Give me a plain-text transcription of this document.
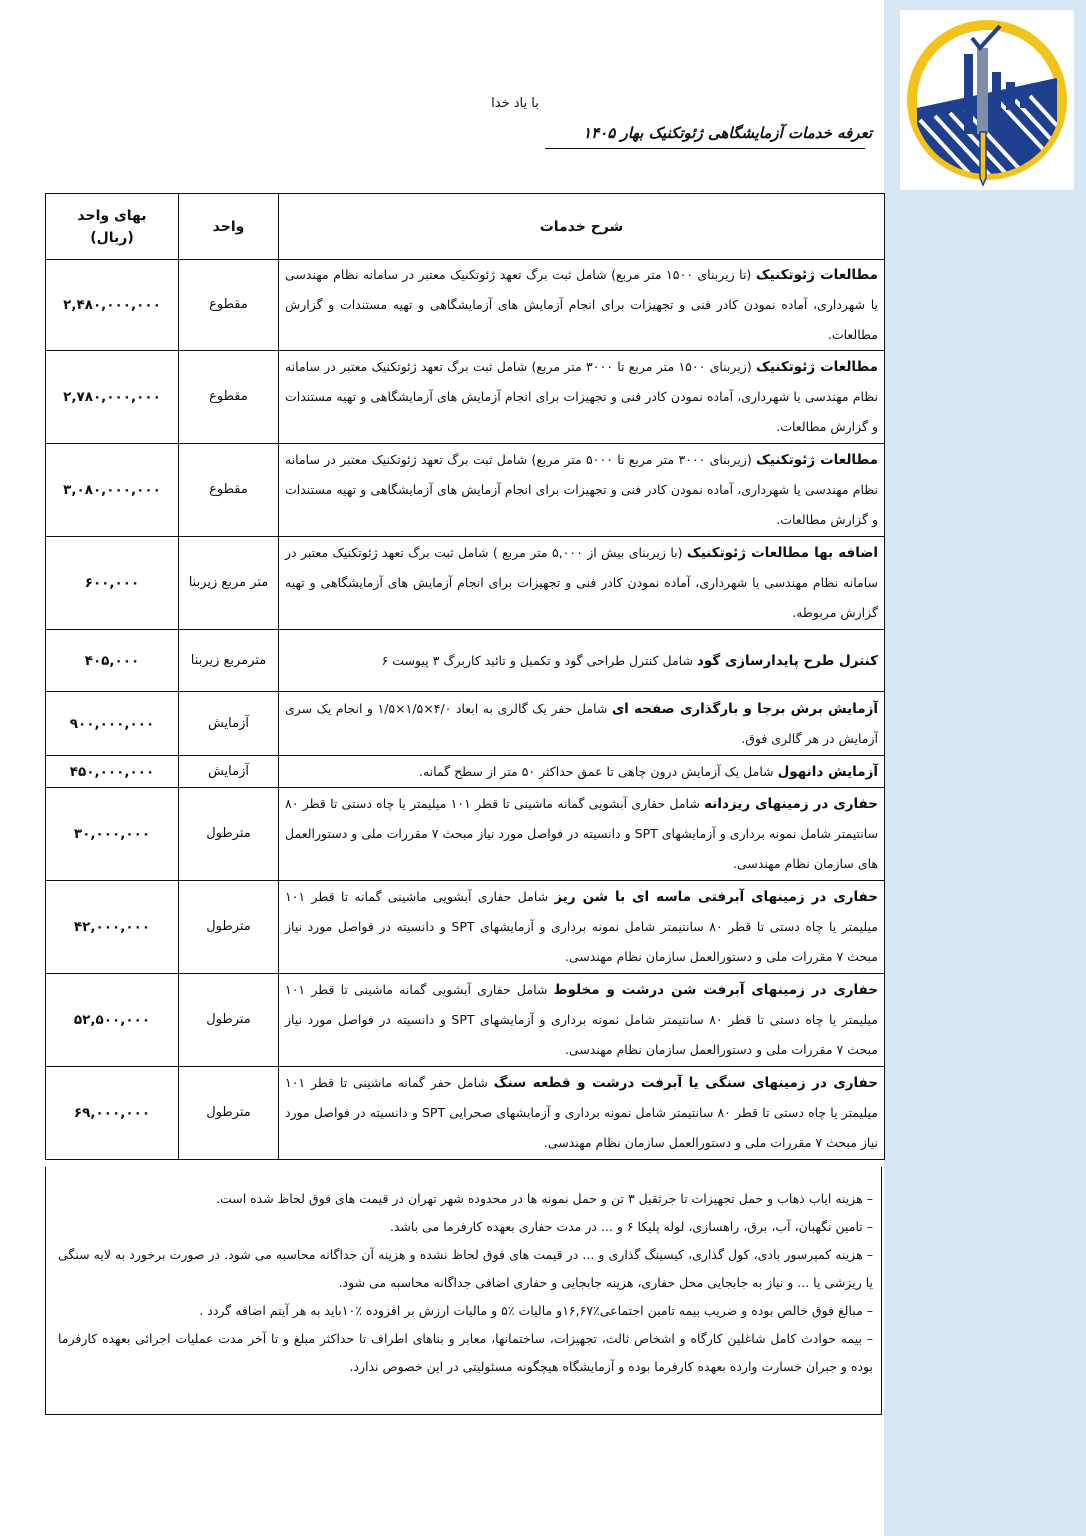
با یاد خدا
تعرفه خدمات آزمایشگاهی ژئوتکنیک بهار ۱۴۰۵
شرح خدمات	واحد	بهای واحد
(ریال)

مطالعات ژئوتکنیک (تا زیربنای ۱۵۰۰ متر مربع) شامل ثبت برگ تعهد ژئوتکنیک معتبر در سامانه نظام مهندسی یا شهرداری، آماده نمودن کادر فنی و تجهیزات برای انجام آزمایش های آزمایشگاهی و تهیه مستندات و گزارش مطالعات.	مقطوع	۲,۴۸۰,۰۰۰,۰۰۰

مطالعات ژئوتکنیک (زیربنای ۱۵۰۰ متر مربع تا ۳۰۰۰ متر مربع) شامل ثبت برگ تعهد ژئوتکنیک معتبر در سامانه نظام مهندسی یا شهرداری، آماده نمودن کادر فنی و تجهیزات برای انجام آزمایش های آزمایشگاهی و تهیه مستندات و گزارش مطالعات.	مقطوع	۲,۷۸۰,۰۰۰,۰۰۰

مطالعات ژئوتکنیک (زیربنای ۳۰۰۰ متر مربع تا ۵۰۰۰ متر مربع) شامل ثبت برگ تعهد ژئوتکنیک معتبر در سامانه نظام مهندسی یا شهرداری، آماده نمودن کادر فنی و تجهیزات برای انجام آزمایش های آزمایشگاهی و تهیه مستندات و گزارش مطالعات.	مقطوع	۳,۰۸۰,۰۰۰,۰۰۰

اضافه بها مطالعات ژئوتکنیک (با زیربنای بیش از ۵,۰۰۰ متر مربع ) شامل ثبت برگ تعهد ژئوتکنیک معتبر در سامانه نظام مهندسی یا شهرداری، آماده نمودن کادر فنی و تجهیزات برای انجام آزمایش های آزمایشگاهی و تهیه گزارش مربوطه.	متر مربع زیربنا	۶۰۰,۰۰۰

کنترل طرح پایدارسازی گود شامل کنترل طراحی گود و تکمیل و تائید کاربرگ ۳ پیوست ۶	مترمربع زیربنا	۴۰۵,۰۰۰

آزمایش برش برجا و بارگذاری صفحه ای شامل حفر یک گالری به ابعاد ۴/۰×۱/۵×۱/۵ و انجام یک سری آزمایش در هر گالری فوق.	آزمایش	۹۰۰,۰۰۰,۰۰۰

آزمایش دانهول شامل یک آزمایش درون چاهی تا عمق حداکثر ۵۰ متر از سطح گمانه.	آزمایش	۴۵۰,۰۰۰,۰۰۰

حفاری در زمینهای ریزدانه شامل حفاری آبشویی گمانه ماشینی تا قطر ۱۰۱ میلیمتر یا چاه دستی تا قطر ۸۰ سانتیمتر شامل نمونه برداری و آزمایشهای SPT و دانسیته در فواصل مورد نیاز مبحث ۷ مقررات ملی و دستورالعمل های سازمان نظام مهندسی.	مترطول	۳۰,۰۰۰,۰۰۰

حفاری در زمینهای آبرفتی ماسه ای با شن ریز شامل حفاری آبشویی ماشینی گمانه تا قطر ۱۰۱ میلیمتر یا چاه دستی تا قطر ۸۰ سانتیمتر شامل نمونه برداری و آزمایشهای SPT و دانسیته در فواصل مورد نیاز مبحث ۷ مقررات ملی و دستورالعمل سازمان نظام مهندسی.	مترطول	۴۲,۰۰۰,۰۰۰

حفاری در زمینهای آبرفت شن درشت و مخلوط شامل حفاری آبشویی گمانه ماشینی تا قطر ۱۰۱ میلیمتر یا چاه دستی تا قطر ۸۰ سانتیمتر شامل نمونه برداری و آزمایشهای SPT و دانسیته در فواصل مورد نیاز مبحث ۷ مقررات ملی و دستورالعمل سازمان نظام مهندسی.	مترطول	۵۲,۵۰۰,۰۰۰

حفاری در زمینهای سنگی یا آبرفت درشت و قطعه سنگ شامل حفر گمانه ماشینی تا قطر ۱۰۱ میلیمتر یا چاه دستی تا قطر ۸۰ سانتیمتر شامل نمونه برداری و آزمایشهای صحرایی SPT و دانسیته در فواصل مورد نیاز مبحث ۷ مقررات ملی و دستورالعمل سازمان نظام مهندسی.	مترطول	۶۹,۰۰۰,۰۰۰

– هزینه ایاب ذهاب و حمل تجهیزات تا جرثقیل ۳ تن و حمل نمونه ها در محدوده شهر تهران در قیمت های فوق لحاظ شده است.

– تامین نگهبان، آب، برق، راهسازی، لوله پلیکا ۶ و ... در مدت حفاری بعهده کارفرما می باشد.

– هزینه کمپرسور بادی، کول گذاری، کیسینگ گذاری و ... در قیمت های فوق لحاظ نشده و هزینه آن جداگانه محاسبه می شود. در صورت برخورد به لایه سنگی یا ریزشی یا ... و نیاز به جابجایی محل حفاری، هزینه جابجایی و حفاری اضافی جداگانه محاسبه می شود.

– مبالغ فوق خالص بوده و ضریب بیمه تامین اجتماعی٪۱۶,۶۷و مالیات ٪۵ و مالیات ارزش بر افزوده ٪۱۰باید به هر آیتم اضافه گردد .

– بیمه حوادث کامل شاغلین کارگاه و اشخاص ثالث، تجهیزات، ساختمانها، معابر و بناهای اطراف تا حداکثر مبلغ و تا آخر مدت عملیات اجرائی بعهده کارفرما بوده و جبران خسارت وارده بعهده کارفرما بوده و آزمایشگاه هیچگونه مسئولیتی در این خصوص ندارد.
